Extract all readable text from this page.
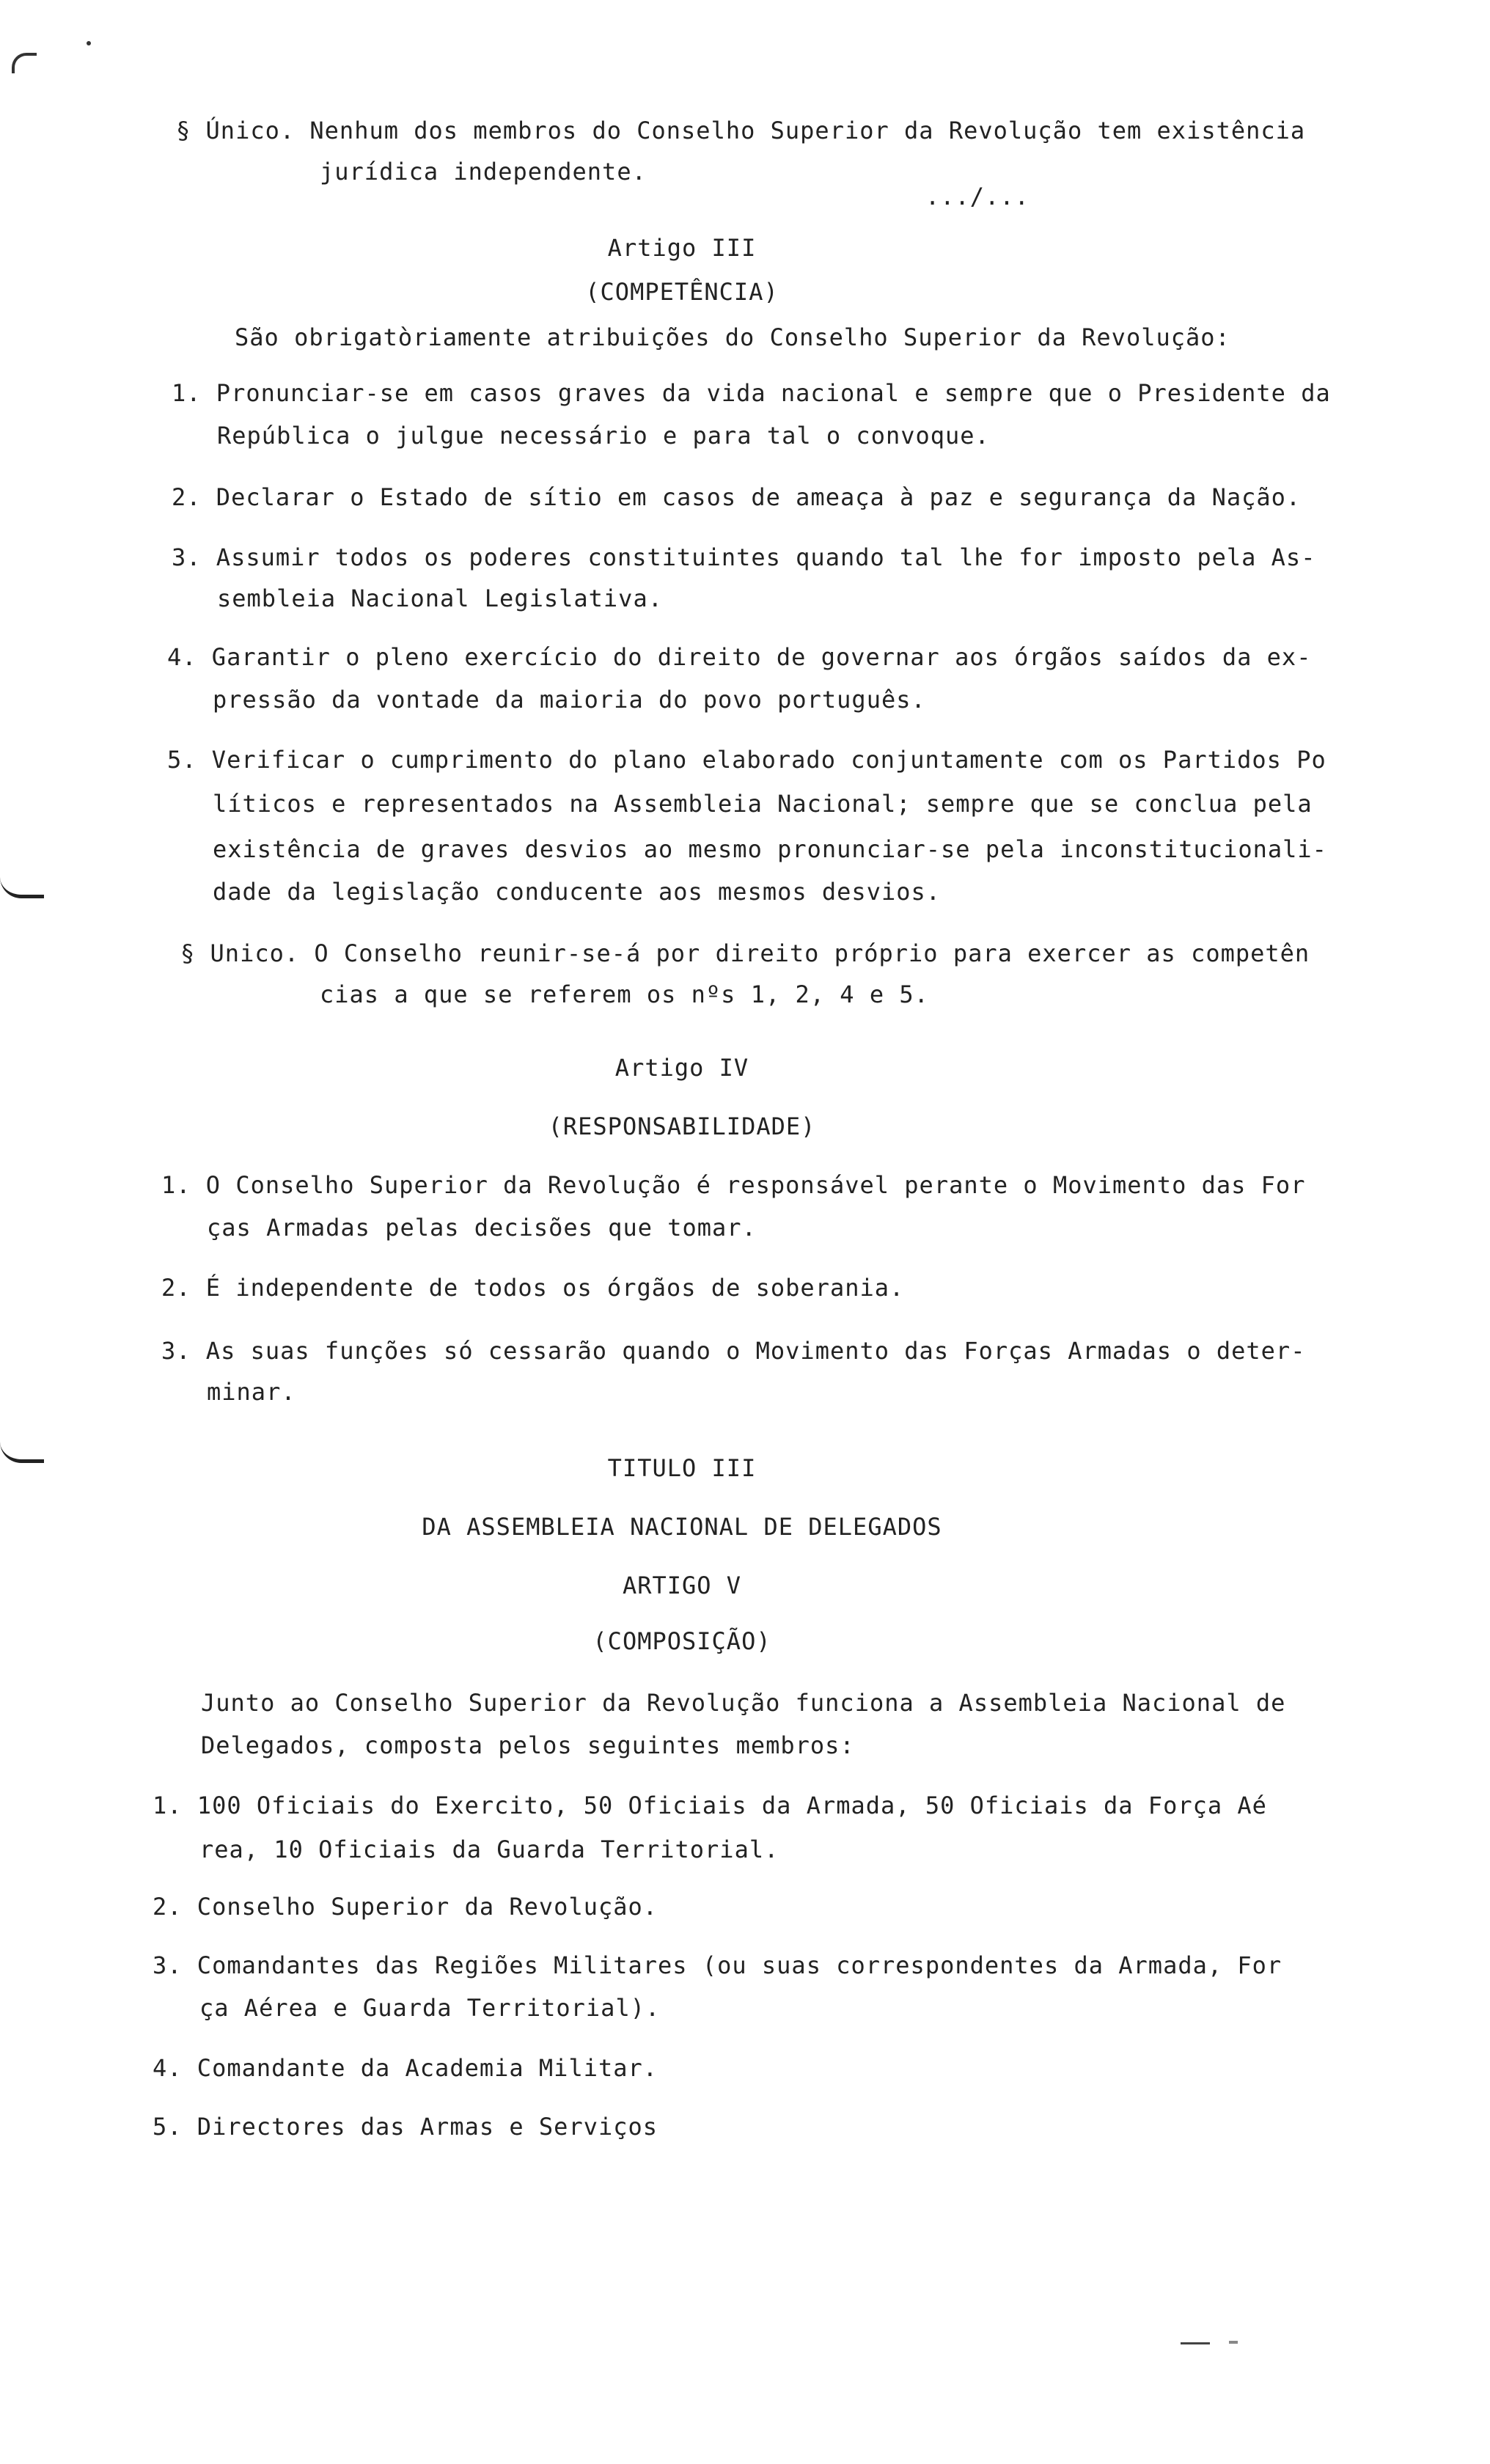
§ Único. Nenhum dos membros do Conselho Superior da Revolução tem existência
jurídica independente.
.../...
Artigo III
(COMPETÊNCIA)
São obrigatòriamente atribuições do Conselho Superior da Revolução:
1. Pronunciar-se em casos graves da vida nacional e sempre que o Presidente da
República o julgue necessário e para tal o convoque.
2. Declarar o Estado de sítio em casos de ameaça à paz e segurança da Nação.
3. Assumir todos os poderes constituintes quando tal lhe for imposto pela As-
sembleia Nacional Legislativa.
4. Garantir o pleno exercício do direito de governar aos órgãos saídos da ex-
pressão da vontade da maioria do povo português.
5. Verificar o cumprimento do plano elaborado conjuntamente com os Partidos Po
líticos e representados na Assembleia Nacional; sempre que se conclua pela
existência de graves desvios ao mesmo pronunciar-se pela inconstitucionali-
dade da legislação conducente aos mesmos desvios.
§ Unico. O Conselho reunir-se-á por direito próprio para exercer as competên
cias a que se referem os nºs 1, 2, 4 e 5.
Artigo IV
(RESPONSABILIDADE)
1. O Conselho Superior da Revolução é responsável perante o Movimento das For
ças Armadas pelas decisões que tomar.
2. É independente de todos os órgãos de soberania.
3. As suas funções só cessarão quando o Movimento das Forças Armadas o deter-
minar.
TITULO III
DA ASSEMBLEIA NACIONAL DE DELEGADOS
ARTIGO V
(COMPOSIÇÃO)
Junto ao Conselho Superior da Revolução funciona a Assembleia Nacional de
Delegados, composta pelos seguintes membros:
1. 100 Oficiais do Exercito, 50 Oficiais da Armada, 50 Oficiais da Força Aé
rea, 10 Oficiais da Guarda Territorial.
2. Conselho Superior da Revolução.
3. Comandantes das Regiões Militares (ou suas correspondentes da Armada, For
ça Aérea e Guarda Territorial).
4. Comandante da Academia Militar.
5. Directores das Armas e Serviços
